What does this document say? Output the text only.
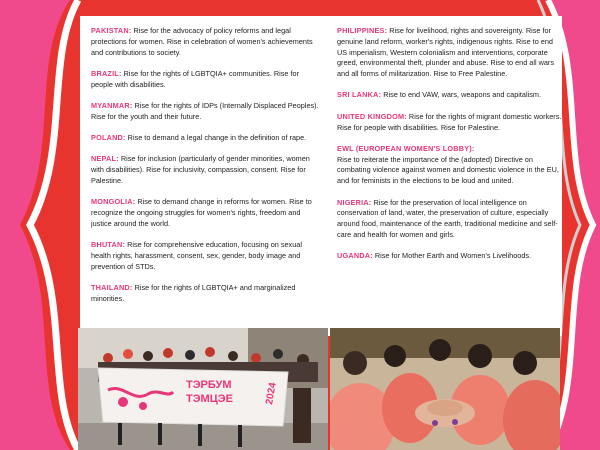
PAKISTAN: Rise for the advocacy of policy reforms and legal protections for women. Rise in celebration of women's achievements and contributions to society.

BRAZIL: Rise for the rights of LGBTQIA+ communities. Rise for people with disabilities.

MYANMAR: Rise for the rights of IDPs (Internally Displaced Peoples). Rise for the youth and their future.

POLAND: Rise to demand a legal change in the definition of rape.

NEPAL: Rise for inclusion (particularly of gender minorities, women with disabilities). Rise for inclusivity, compassion, consent. Rise for Palestine.

MONGOLIA: Rise to demand change in reforms for women. Rise to recognize the ongoing struggles for women's rights, freedom and justice around the world.

BHUTAN: Rise for comprehensive education, focusing on sexual health rights, harassment, consent, sex, gender, body image and prevention of STDs.

THAILAND: Rise for the rights of LGBTQIA+ and marginalized minorities.

PHILIPPINES: Rise for livelihood, rights and sovereignty. Rise for genuine land reform, worker's rights, indigenous rights. Rise to end US imperialism, Western colonialism and interventions, corporate greed, environmental theft, plunder and abuse. Rise to end all wars and all forms of militarization. Rise to Free Palestine.

SRI LANKA: Rise to end VAW, wars, weapons and capitalism.

UNITED KINGDOM: Rise for the rights of migrant domestic workers. Rise for people with disabilities. Rise for Palestine.

EWL (EUROPEAN WOMEN'S LOBBY):
Rise to reiterate the importance of the (adopted) Directive on combating violence against women and domestic violence in the EU, and for feminists in the elections to be loud and united.

NIGERIA: Rise for the preservation of local intelligence on conservation of land, water, the preservation of culture, especially around food, maintenance of the earth, traditional medicine and self-care and health for women and girls.

UGANDA: Rise for Mother Earth and Women's Livelihoods.

ТЭРБУМ
ТЭМЦЭЕ	2024
